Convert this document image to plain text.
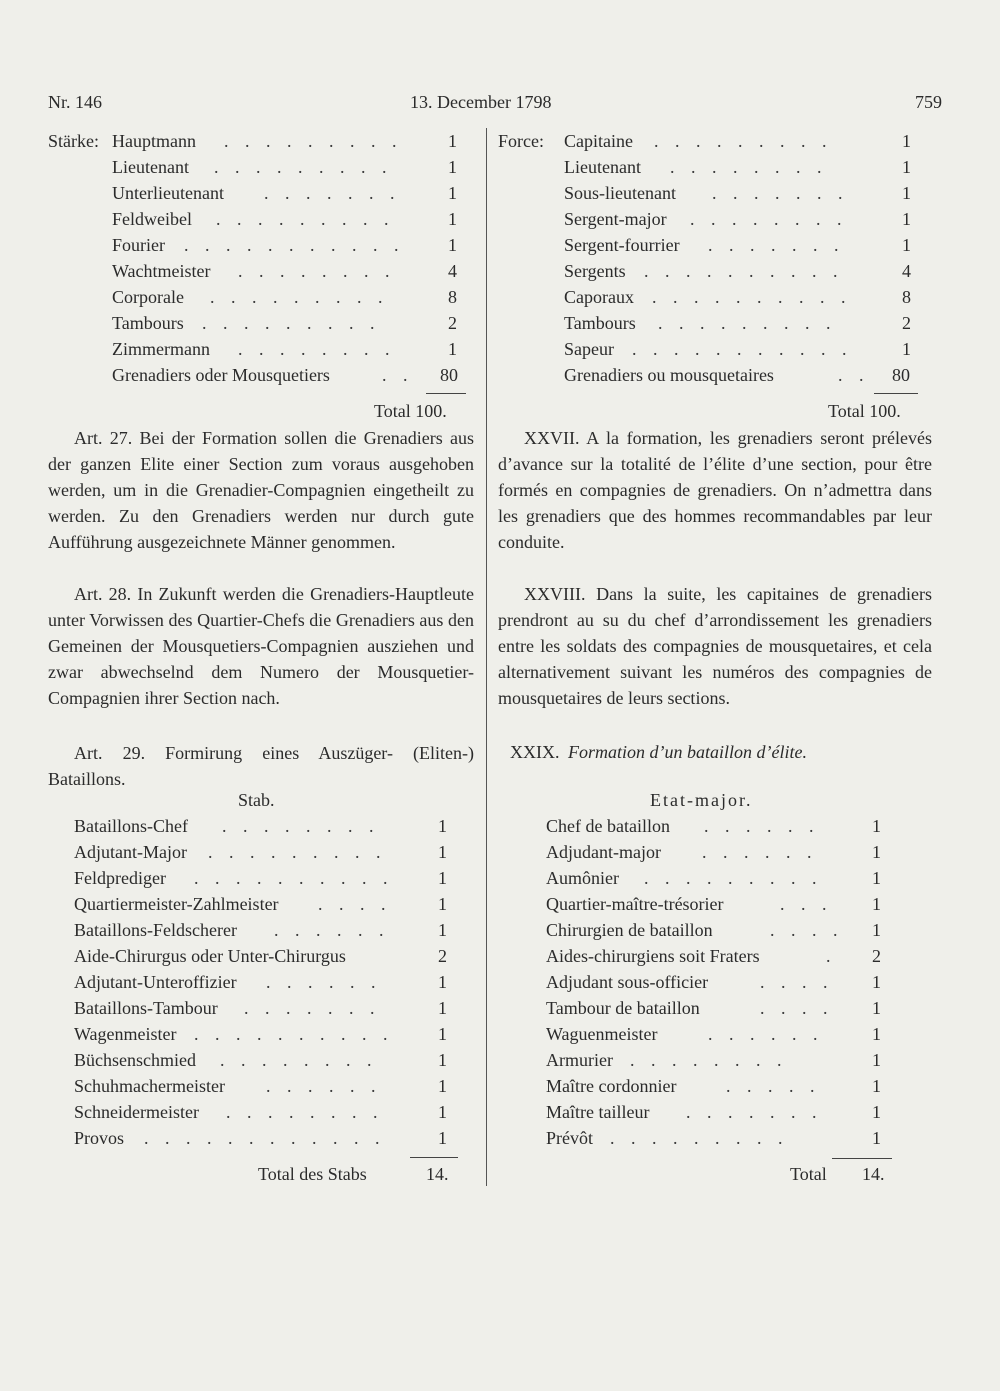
Nr. 146	13. December 1798	759
Stärke: Hauptmann . . . . . . . . .	1
Lieutenant . . . . . . . . .	1
Unterlieutenant . . . . . . .	1
Feldweibel . . . . . . . . .	1
Fourier . . . . . . . . . . . 1
Wachtmeister . . . . . . . .	4
Corporale . . . . . . . . .	8
Tambours . . . . . . . . .	2
Zimmermann . . . . . . . .	1
Grenadiers oder Mousquetiers	. . 80
Total 100.

Art. 27. Bei der Formation sollen die Grenadiers aus der ganzen Elite einer Section zum voraus ausgehoben werden, um in die Grenadier-Compagnien eingetheilt zu werden. Zu den Grenadiers werden nur durch gute Aufführung ausgezeichnete Männer genommen.

Art. 28. In Zukunft werden die Grenadiers-Hauptleute unter Vorwissen des Quartier-Chefs die Grenadiers aus den Gemeinen der Mousquetiers-Compagnien ausziehen und zwar abwechselnd dem Numero der Mousquetier-Compagnien ihrer Section nach.

Art. 29. Formirung eines Auszüger- (Eliten-) Bataillons.

Stab.
Bataillons-Chef . . . . . . . .	1
Adjutant-Major . . . . . . . . .	1
Feldprediger . . . . . . . . . . 1
Quartiermeister-Zahlmeister . . . .	1
Bataillons-Feldscherer . . . . . .	1
Aide-Chirurgus oder Unter-Chirurgus	2
Adjutant-Unteroffizier . . . . . .	1
Bataillons-Tambour . . . . . . .	1
Wagenmeister . . . . . . . . . . 1
Büchsenschmied . . . . . . . .	1
Schuhmachermeister . . . . . .	1
Schneidermeister . . . . . . . .	1
Provos . . . . . . . . . . . .	1
Total des Stabs	14.
Force: Capitaine . . . . . . . . .	1
Lieutenant . . . . . . . .	1
Sous-lieutenant . . . . . . .	1
Sergent-major . . . . . . . .	1
Sergent-fourrier . . . . . . .	1
Sergents . . . . . . . . . .	4
Caporaux . . . . . . . . . .	8
Tambours . . . . . . . . .	2
Sapeur . . . . . . . . . . .	1
Grenadiers ou mousquetaires	. . 80
Total 100.

XXVII. A la formation, les grenadiers seront prélevés d’avance sur la totalité de l’élite d’une section, pour être formés en compagnies de grenadiers. On n’admettra dans les grenadiers que des hommes recommandables par leur conduite.

XXVIII. Dans la suite, les capitaines de grenadiers prendront au su du chef d’arrondissement les grenadiers entre les soldats des compagnies de mousquetaires, et cela alternativement suivant les numéros des compagnies de mousquetaires de leurs sections.

XXIX. Formation d’un bataillon d’élite.
Etat-major.
Chef de bataillon . . . . . .	1
Adjudant-major . . . . . .	1
Aumônier . . . . . . . . .	1
Quartier-maître-trésorier	. . . 1
Chirurgien de bataillon	. . . . 1
Aides-chirurgiens soit Fraters	. 2
Adjudant sous-officier	. . . . 1
Tambour de bataillon	. . . . 1
Waguenmeister	. . . . . .	1
Armurier . . . . . . . .	1
Maître cordonnier	. . . . .	1
Maître tailleur . . . . . . .	1
Prévôt . . . . . . . . .	1
Total 14.
